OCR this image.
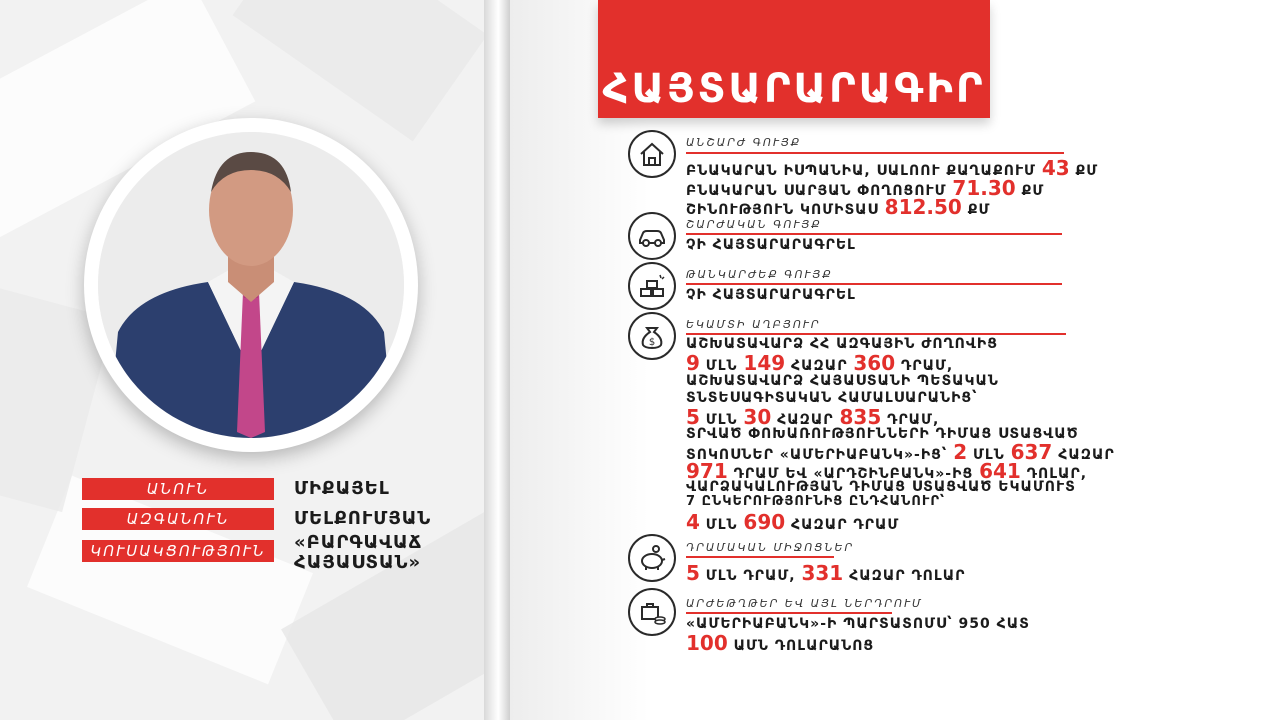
ԱՆՈՒՆ	ՄԻՔԱՅԵԼ
ԱԶԳԱՆՈՒՆ	ՄԵԼՔՈՒՄՅԱՆ
ԿՈՒՍԱԿՑՈՒԹՅՈՒՆ	«ԲԱՐԳԱՎԱՃ
ՀԱՅԱՍՏԱՆ»
ՀԱՅՏԱՐԱՐԱԳԻՐ
ԱՆՇԱՐԺ ԳՈՒՅՔ
ԲՆԱԿԱՐԱՆ ԻՍՊԱՆԻԱ, ՍԱԼՈՈՒ ՔԱՂԱՔՈՒՄ 43 ՔՄ
ԲՆԱԿԱՐԱՆ ՍԱՐՅԱՆ ՓՈՂՈՑՈՒՄ 71.30 ՔՄ
ՇԻՆՈՒԹՅՈՒՆ ԿՈՄԻՏԱՍ 812.50 ՔՄ
ՇԱՐԺԱԿԱՆ ԳՈՒՅՔ
ՉԻ ՀԱՅՏԱՐԱՐԱԳՐԵԼ
ԹԱՆԿԱՐԺԵՔ ԳՈՒՅՔ
ՉԻ ՀԱՅՏԱՐԱՐԱԳՐԵԼ
$
ԵԿԱՄՏԻ ԱՂԲՅՈՒՐ
ԱՇԽԱՏԱՎԱՐՁ ՀՀ ԱԶԳԱՅԻՆ ԺՈՂՈՎԻՑ
9 ՄԼՆ 149 ՀԱԶԱՐ 360 ԴՐԱՄ,
ԱՇԽԱՏԱՎԱՐՁ ՀԱՅԱՍՏԱՆԻ ՊԵՏԱԿԱՆ
ՏՆՏԵՍԱԳԻՏԱԿԱՆ ՀԱՄԱԼՍԱՐԱՆԻՑ՝
5 ՄԼՆ 30 ՀԱԶԱՐ 835 ԴՐԱՄ,
ՏՐՎԱԾ ՓՈԽԱՌՈՒԹՅՈՒՆՆԵՐԻ ԴԻՄԱՑ ՍՏԱՑՎԱԾ
ՏՈԿՈՍՆԵՐ «ԱՄԵՐԻԱԲԱՆԿ»-ԻՑ՝ 2 ՄԼՆ 637 ՀԱԶԱՐ
971 ԴՐԱՄ ԵՎ «ԱՐԴՇԻՆԲԱՆԿ»-ԻՑ 641 ԴՈԼԱՐ,
ՎԱՐՁԱԿԱԼՈՒԹՅԱՆ ԴԻՄԱՑ ՍՏԱՑՎԱԾ ԵԿԱՄՈՒՏ
7 ԸՆԿԵՐՈՒԹՅՈՒՆԻՑ ԸՆԴՀԱՆՈՒՐ՝
4 ՄԼՆ 690 ՀԱԶԱՐ ԴՐԱՄ
ԴՐԱՄԱԿԱՆ ՄԻՋՈՑՆԵՐ
5 ՄԼՆ ԴՐԱՄ, 331 ՀԱԶԱՐ ԴՈԼԱՐ
ԱՐԺԵԹՂԹԵՐ ԵՎ ԱՅԼ ՆԵՐԴՐՈՒՄ
«ԱՄԵՐԻԱԲԱՆԿ»-Ի ՊԱՐՏԱՏՈՄՍ՝ 950 ՀԱՏ
100 ԱՄՆ ԴՈԼԱՐԱՆՈՑ
